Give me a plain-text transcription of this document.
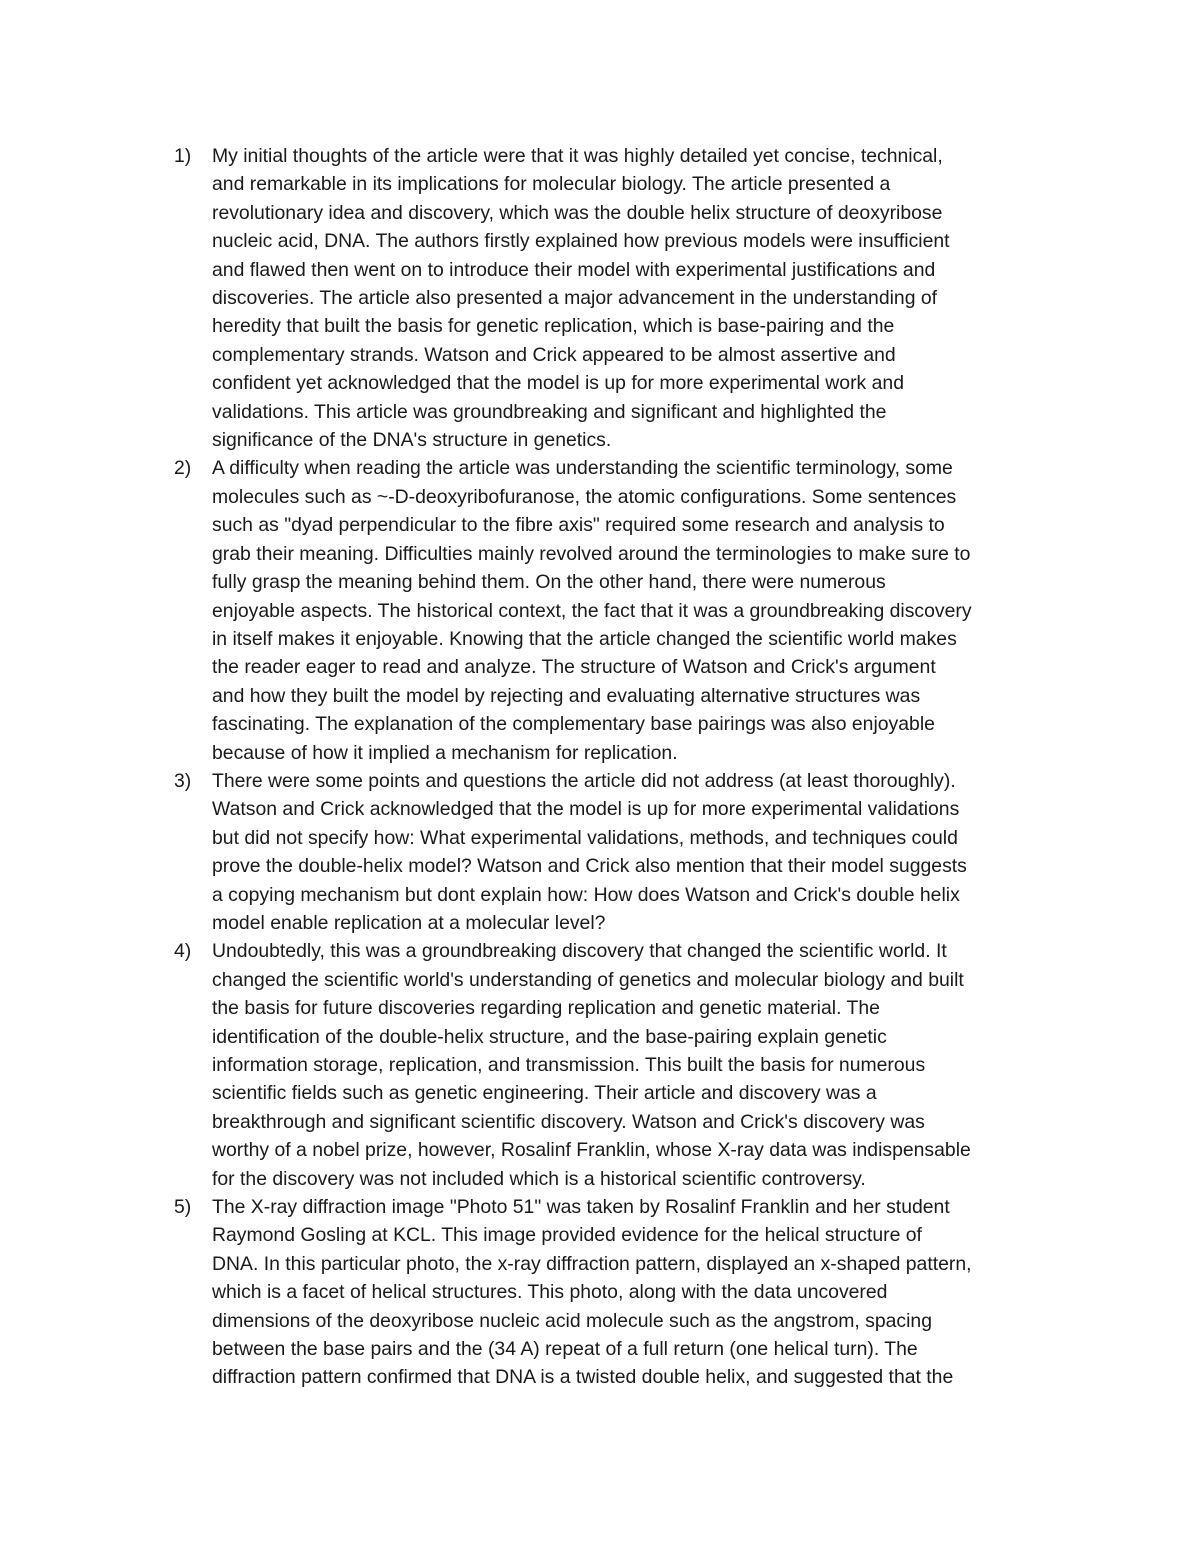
1)	My initial thoughts of the article were that it was highly detailed yet concise, technical,
and remarkable in its implications for molecular biology. The article presented a
revolutionary idea and discovery, which was the double helix structure of deoxyribose
nucleic acid, DNA. The authors firstly explained how previous models were insufficient
and flawed then went on to introduce their model with experimental justifications and
discoveries. The article also presented a major advancement in the understanding of
heredity that built the basis for genetic replication, which is base-pairing and the
complementary strands. Watson and Crick appeared to be almost assertive and
confident yet acknowledged that the model is up for more experimental work and
validations. This article was groundbreaking and significant and highlighted the
significance of the DNA's structure in genetics.
2)	A difficulty when reading the article was understanding the scientific terminology, some
molecules such as ~-D-deoxyribofuranose, the atomic configurations. Some sentences
such as "dyad perpendicular to the fibre axis" required some research and analysis to
grab their meaning. Difficulties mainly revolved around the terminologies to make sure to
fully grasp the meaning behind them. On the other hand, there were numerous
enjoyable aspects. The historical context, the fact that it was a groundbreaking discovery
in itself makes it enjoyable. Knowing that the article changed the scientific world makes
the reader eager to read and analyze. The structure of Watson and Crick's argument
and how they built the model by rejecting and evaluating alternative structures was
fascinating. The explanation of the complementary base pairings was also enjoyable
because of how it implied a mechanism for replication.
3)	There were some points and questions the article did not address (at least thoroughly).
Watson and Crick acknowledged that the model is up for more experimental validations
but did not specify how: What experimental validations, methods, and techniques could
prove the double-helix model? Watson and Crick also mention that their model suggests
a copying mechanism but dont explain how: How does Watson and Crick's double helix
model enable replication at a molecular level?
4)	Undoubtedly, this was a groundbreaking discovery that changed the scientific world. It
changed the scientific world's understanding of genetics and molecular biology and built
the basis for future discoveries regarding replication and genetic material. The
identification of the double-helix structure, and the base-pairing explain genetic
information storage, replication, and transmission. This built the basis for numerous
scientific fields such as genetic engineering. Their article and discovery was a
breakthrough and significant scientific discovery. Watson and Crick's discovery was
worthy of a nobel prize, however, Rosalinf Franklin, whose X-ray data was indispensable
for the discovery was not included which is a historical scientific controversy.
5)	The X-ray diffraction image "Photo 51" was taken by Rosalinf Franklin and her student
Raymond Gosling at KCL. This image provided evidence for the helical structure of
DNA. In this particular photo, the x-ray diffraction pattern, displayed an x-shaped pattern,
which is a facet of helical structures. This photo, along with the data uncovered
dimensions of the deoxyribose nucleic acid molecule such as the angstrom, spacing
between the base pairs and the (34 A) repeat of a full return (one helical turn). The
diffraction pattern confirmed that DNA is a twisted double helix, and suggested that the
